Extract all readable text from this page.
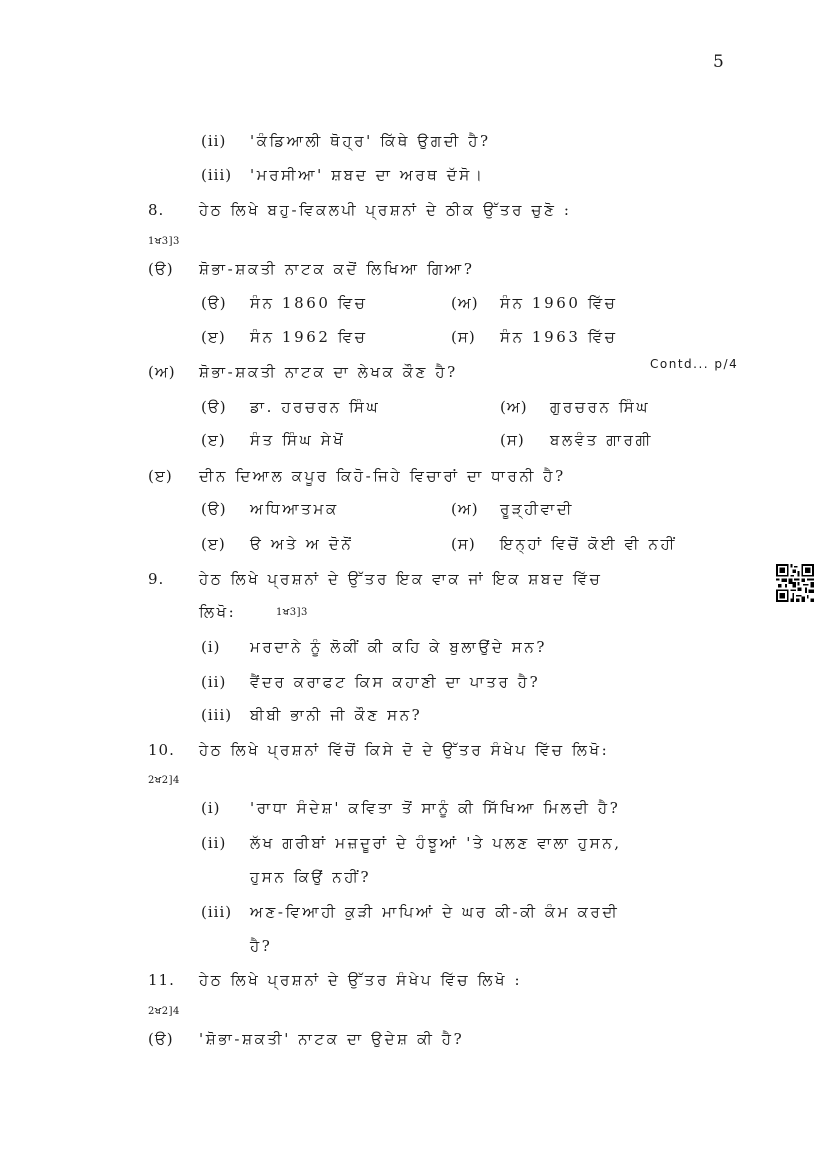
5
(ii) 'ਕੰਡਿਆਲੀ ਥੋਹ੍ਰ' ਕਿੱਥੇ ਉਗਦੀ ਹੈ?
(iii) 'ਮਰਸੀਆ' ਸ਼ਬਦ ਦਾ ਅਰਥ ਦੱਸੋ।
8. ਹੇਠ ਲਿਖੇ ਬਹੁ-ਵਿਕਲਪੀ ਪ੍ਰਸ਼ਨਾਂ ਦੇ ਠੀਕ ਉੱਤਰ ਚੁਣੋ :
1ਖ3]3
(ੳ) ਸ਼ੋਭਾ-ਸ਼ਕਤੀ ਨਾਟਕ ਕਦੋਂ ਲਿਖਿਆ ਗਿਆ?
(ੳ) ਸੰਨ 1860 ਵਿਚ	(ਅ) ਸੰਨ 1960 ਵਿੱਚ
(ੲ) ਸੰਨ 1962 ਵਿਚ	(ਸ) ਸੰਨ 1963 ਵਿੱਚ
(ਅ) ਸ਼ੋਭਾ-ਸ਼ਕਤੀ ਨਾਟਕ ਦਾ ਲੇਖਕ ਕੌਣ ਹੈ?	Contd... p/4
(ੳ) ਡਾ. ਹਰਚਰਨ ਸਿੰਘ	(ਅ) ਗੁਰਚਰਨ ਸਿੰਘ
(ੲ) ਸੰਤ ਸਿੰਘ ਸੇਖੋਂ	(ਸ) ਬਲਵੰਤ ਗਾਰਗੀ
(ੲ) ਦੀਨ ਦਿਆਲ ਕਪੂਰ ਕਿਹੋ-ਜਿਹੇ ਵਿਚਾਰਾਂ ਦਾ ਧਾਰਨੀ ਹੈ?
(ੳ) ਅਧਿਆਤਮਕ	(ਅ) ਰੂੜ੍ਹੀਵਾਦੀ
(ੲ) ੳ ਅਤੇ ਅ ਦੋਨੋਂ	(ਸ) ਇਨ੍ਹਾਂ ਵਿਚੋਂ ਕੋਈ ਵੀ ਨਹੀਂ
9. ਹੇਠ ਲਿਖੇ ਪ੍ਰਸ਼ਨਾਂ ਦੇ ਉੱਤਰ ਇਕ ਵਾਕ ਜਾਂ ਇਕ ਸ਼ਬਦ ਵਿੱਚ
ਲਿਖੋ:	1ਖ3]3
(i) ਮਰਦਾਨੇ ਨੂੰ ਲੋਕੀਂ ਕੀ ਕਹਿ ਕੇ ਬੁਲਾਉਂਦੇ ਸਨ?
(ii) ਵੈਂਦਰ ਕਰਾਫਟ ਕਿਸ ਕਹਾਣੀ ਦਾ ਪਾਤਰ ਹੈ?
(iii) ਬੀਬੀ ਭਾਨੀ ਜੀ ਕੌਣ ਸਨ?
10. ਹੇਠ ਲਿਖੇ ਪ੍ਰਸ਼ਨਾਂ ਵਿੱਚੋਂ ਕਿਸੇ ਦੋ ਦੇ ਉੱਤਰ ਸੰਖੇਪ ਵਿੱਚ ਲਿਖੋ:
2ਖ2]4
(i) 'ਰਾਧਾ ਸੰਦੇਸ਼' ਕਵਿਤਾ ਤੋਂ ਸਾਨੂੰ ਕੀ ਸਿੱਖਿਆ ਮਿਲਦੀ ਹੈ?
(ii) ਲੱਖ ਗਰੀਬਾਂ ਮਜ਼ਦੂਰਾਂ ਦੇ ਹੰਝੂਆਂ 'ਤੇ ਪਲਣ ਵਾਲਾ ਹੁਸਨ,
ਹੁਸਨ ਕਿਉਂ ਨਹੀਂ?
(iii) ਅਣ-ਵਿਆਹੀ ਕੁੜੀ ਮਾਪਿਆਂ ਦੇ ਘਰ ਕੀ-ਕੀ ਕੰਮ ਕਰਦੀ
ਹੈ?
11. ਹੇਠ ਲਿਖੇ ਪ੍ਰਸ਼ਨਾਂ ਦੇ ਉੱਤਰ ਸੰਖੇਪ ਵਿੱਚ ਲਿਖੋ :
2ਖ2]4
(ੳ) 'ਸ਼ੋਭਾ-ਸ਼ਕਤੀ' ਨਾਟਕ ਦਾ ਉਦੇਸ਼ ਕੀ ਹੈ?
